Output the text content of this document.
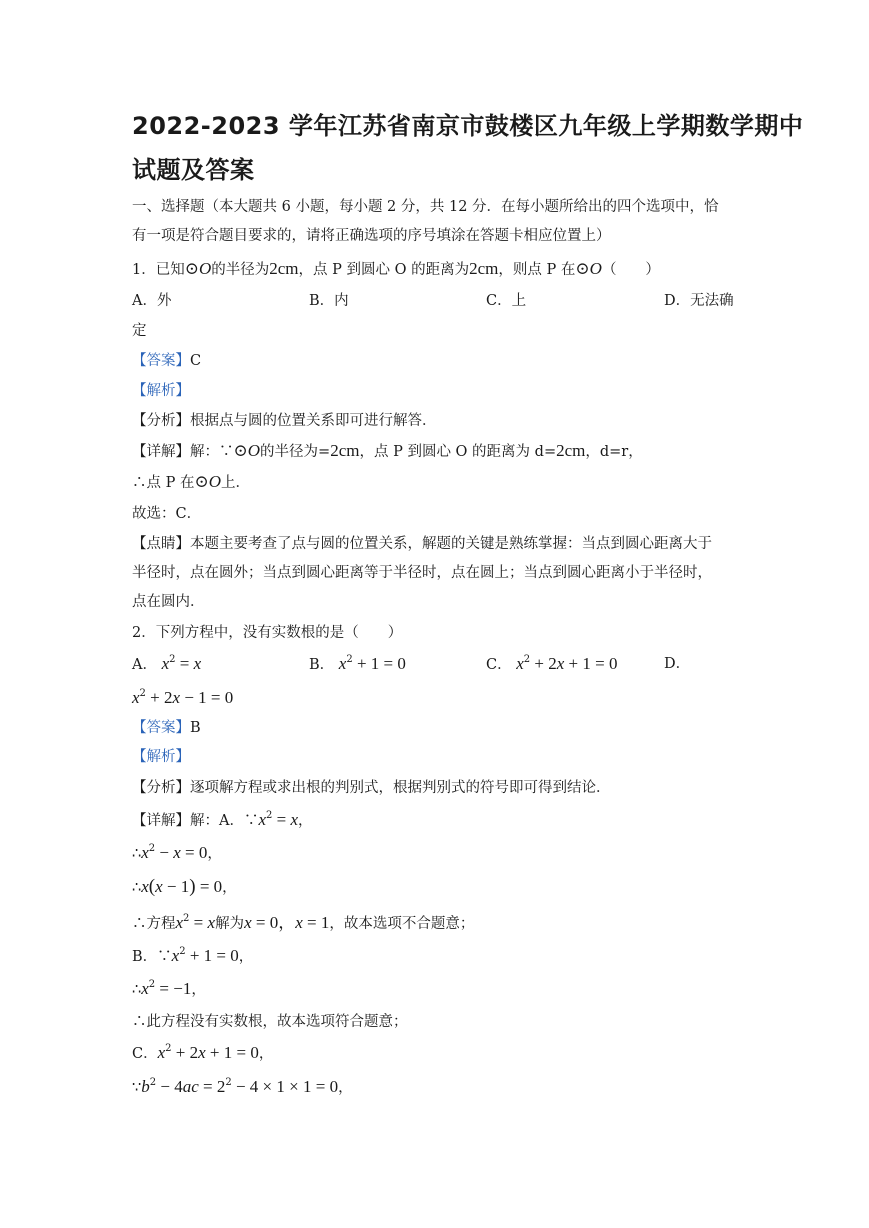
2022-2023 学年江苏省南京市鼓楼区九年级上学期数学期中
试题及答案
一、选择题（本大题共 6 小题，每小题 2 分，共 12 分．在每小题所给出的四个选项中，恰
有一项是符合题目要求的，请将正确选项的序号填涂在答题卡相应位置上）
1．已知⊙O的半径为2cm，点 P 到圆心 O 的距离为2cm，则点 P 在⊙O（　　）
A．外	B．内	C．上	D．无法确
定
【答案】C
【解析】
【分析】根据点与圆的位置关系即可进行解答．
【详解】解：∵⊙O的半径为=2cm，点 P 到圆心 O 的距离为 d=2cm，d=r，
∴点 P 在⊙O上．
故选：C．
【点睛】本题主要考查了点与圆的位置关系，解题的关键是熟练掌握：当点到圆心距离大于
半径时，点在圆外；当点到圆心距离等于半径时，点在圆上；当点到圆心距离小于半径时，
点在圆内．
2．下列方程中，没有实数根的是（　　）
A． $x^2 = x$	B． $x^2 + 1 = 0$	C． $x^2 + 2x + 1 = 0$	D．
$x^2 + 2x - 1 = 0$
【答案】B
【解析】
【分析】逐项解方程或求出根的判别式，根据判别式的符号即可得到结论．
【详解】解：A．$\because x^2 = x$，
$\therefore x^2 - x = 0$，
∴x(x − 1) = 0，
∴方程$x^2 = x$解为x = 0，x = 1，故本选项不合题意；
B．$\because x^2 + 1 = 0$，
$\therefore x^2 = -1$，
∴此方程没有实数根，故本选项符合题意；
C．$x^2 + 2x + 1 = 0$，
$\because b^2 - 4ac = 2^2 - 4 \times 1 \times 1 = 0$，
